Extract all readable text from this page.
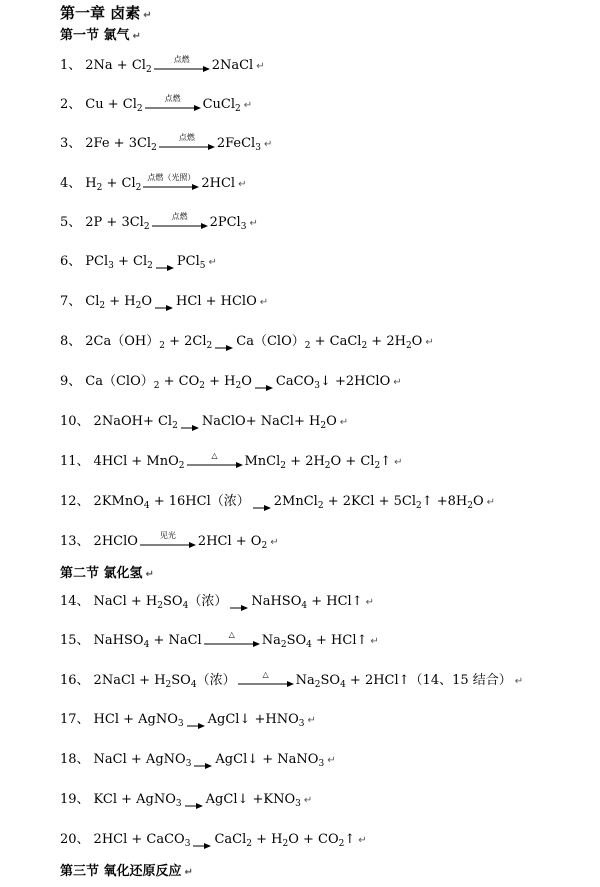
第一章 卤素 ↵
第一节 氯气 ↵
1、 $2Na + Cl_2$
点燃	2NaCl ↵
2、 $Cu + Cl_2$
点燃	CuCl$_2$ ↵
3、 $2Fe + 3Cl_2$
点燃	2FeCl$_3$ ↵
4、 $H_2 + Cl_2$
点燃（光照） 2HCl ↵
5、 $2P + 3Cl_2$
点燃	2PCl$_3$ ↵
6、 $PCl_3 + Cl_2 \to PCl_5$ ↵
7、 $Cl_2 + H_2O$ → HCl + HClO ↵
8、 $2Ca(OH)_2 + 2Cl_2 \to Ca(ClO)_2$ + CaCl$_2$ + $2H_2O$ ↵
9、 $Ca(ClO)_2 + CO_2 + H_2O$ → CaCO$_3$↓ +2HClO ↵
10、 2NaOH+ $Cl_2$ → NaClO+ NaCl+ $H_2O$ ↵
11、 4HCl + MnO$_2$
△	MnCl$_2$ + $2H_2O$ + $Cl_2↑$ ↵
12、 2KMnO$_4$ + 16HCl（浓） → 2MnCl$_2$ + $2KCl + 5Cl_2↑ +8H_2O$ ↵
13、 2HClO	见光	$2HCl + O_2$ ↵
第二节 氯化氢 ↵
14、 NaCl + $H_2SO_4$（浓） → NaHSO$_4$ + HCl↑ ↵
15、 NaHSO$_4$ + NaCl	△	$Na_2SO_4$ + HCl↑ ↵
16、 2NaCl + $H_2SO_4$（浓）	△	$Na_2SO_4$ + 2HCl↑（14、15 结合） ↵
17、 HCl + AgNO$_3$ → AgCl↓ $+HNO_3$ ↵
18、 NaCl + AgNO$_3$ → AgCl↓ + NaNO$_3$ ↵
19、 KCl + AgNO$_3$ → AgCl↓ $+KNO_3$ ↵
20、 2HCl + CaCO$_3$ → CaCl$_2$ + $H_2O$ + $CO_2↑$ ↵
第三节 氧化还原反应 ↵
